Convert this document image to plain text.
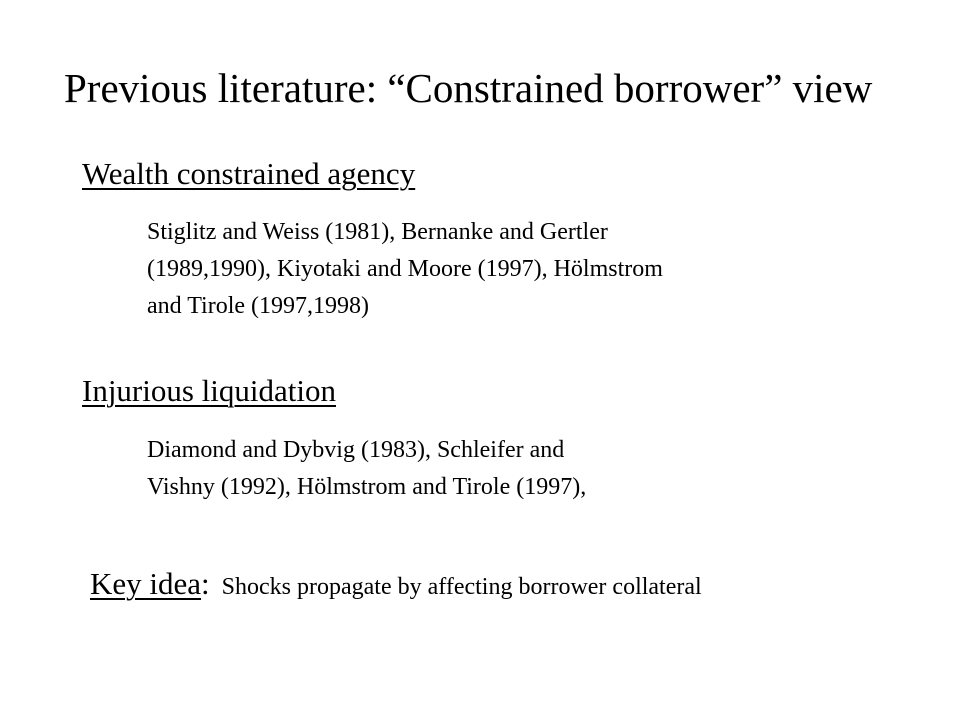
Previous literature: “Constrained borrower” view
Wealth constrained agency
Stiglitz and Weiss (1981), Bernanke and Gertler
(1989,1990), Kiyotaki and Moore (1997), Hölmstrom
and Tirole (1997,1998)
Injurious liquidation
Diamond and Dybvig (1983), Schleifer and
Vishny (1992), Hölmstrom and Tirole (1997),
Key idea: Shocks propagate by affecting borrower collateral
